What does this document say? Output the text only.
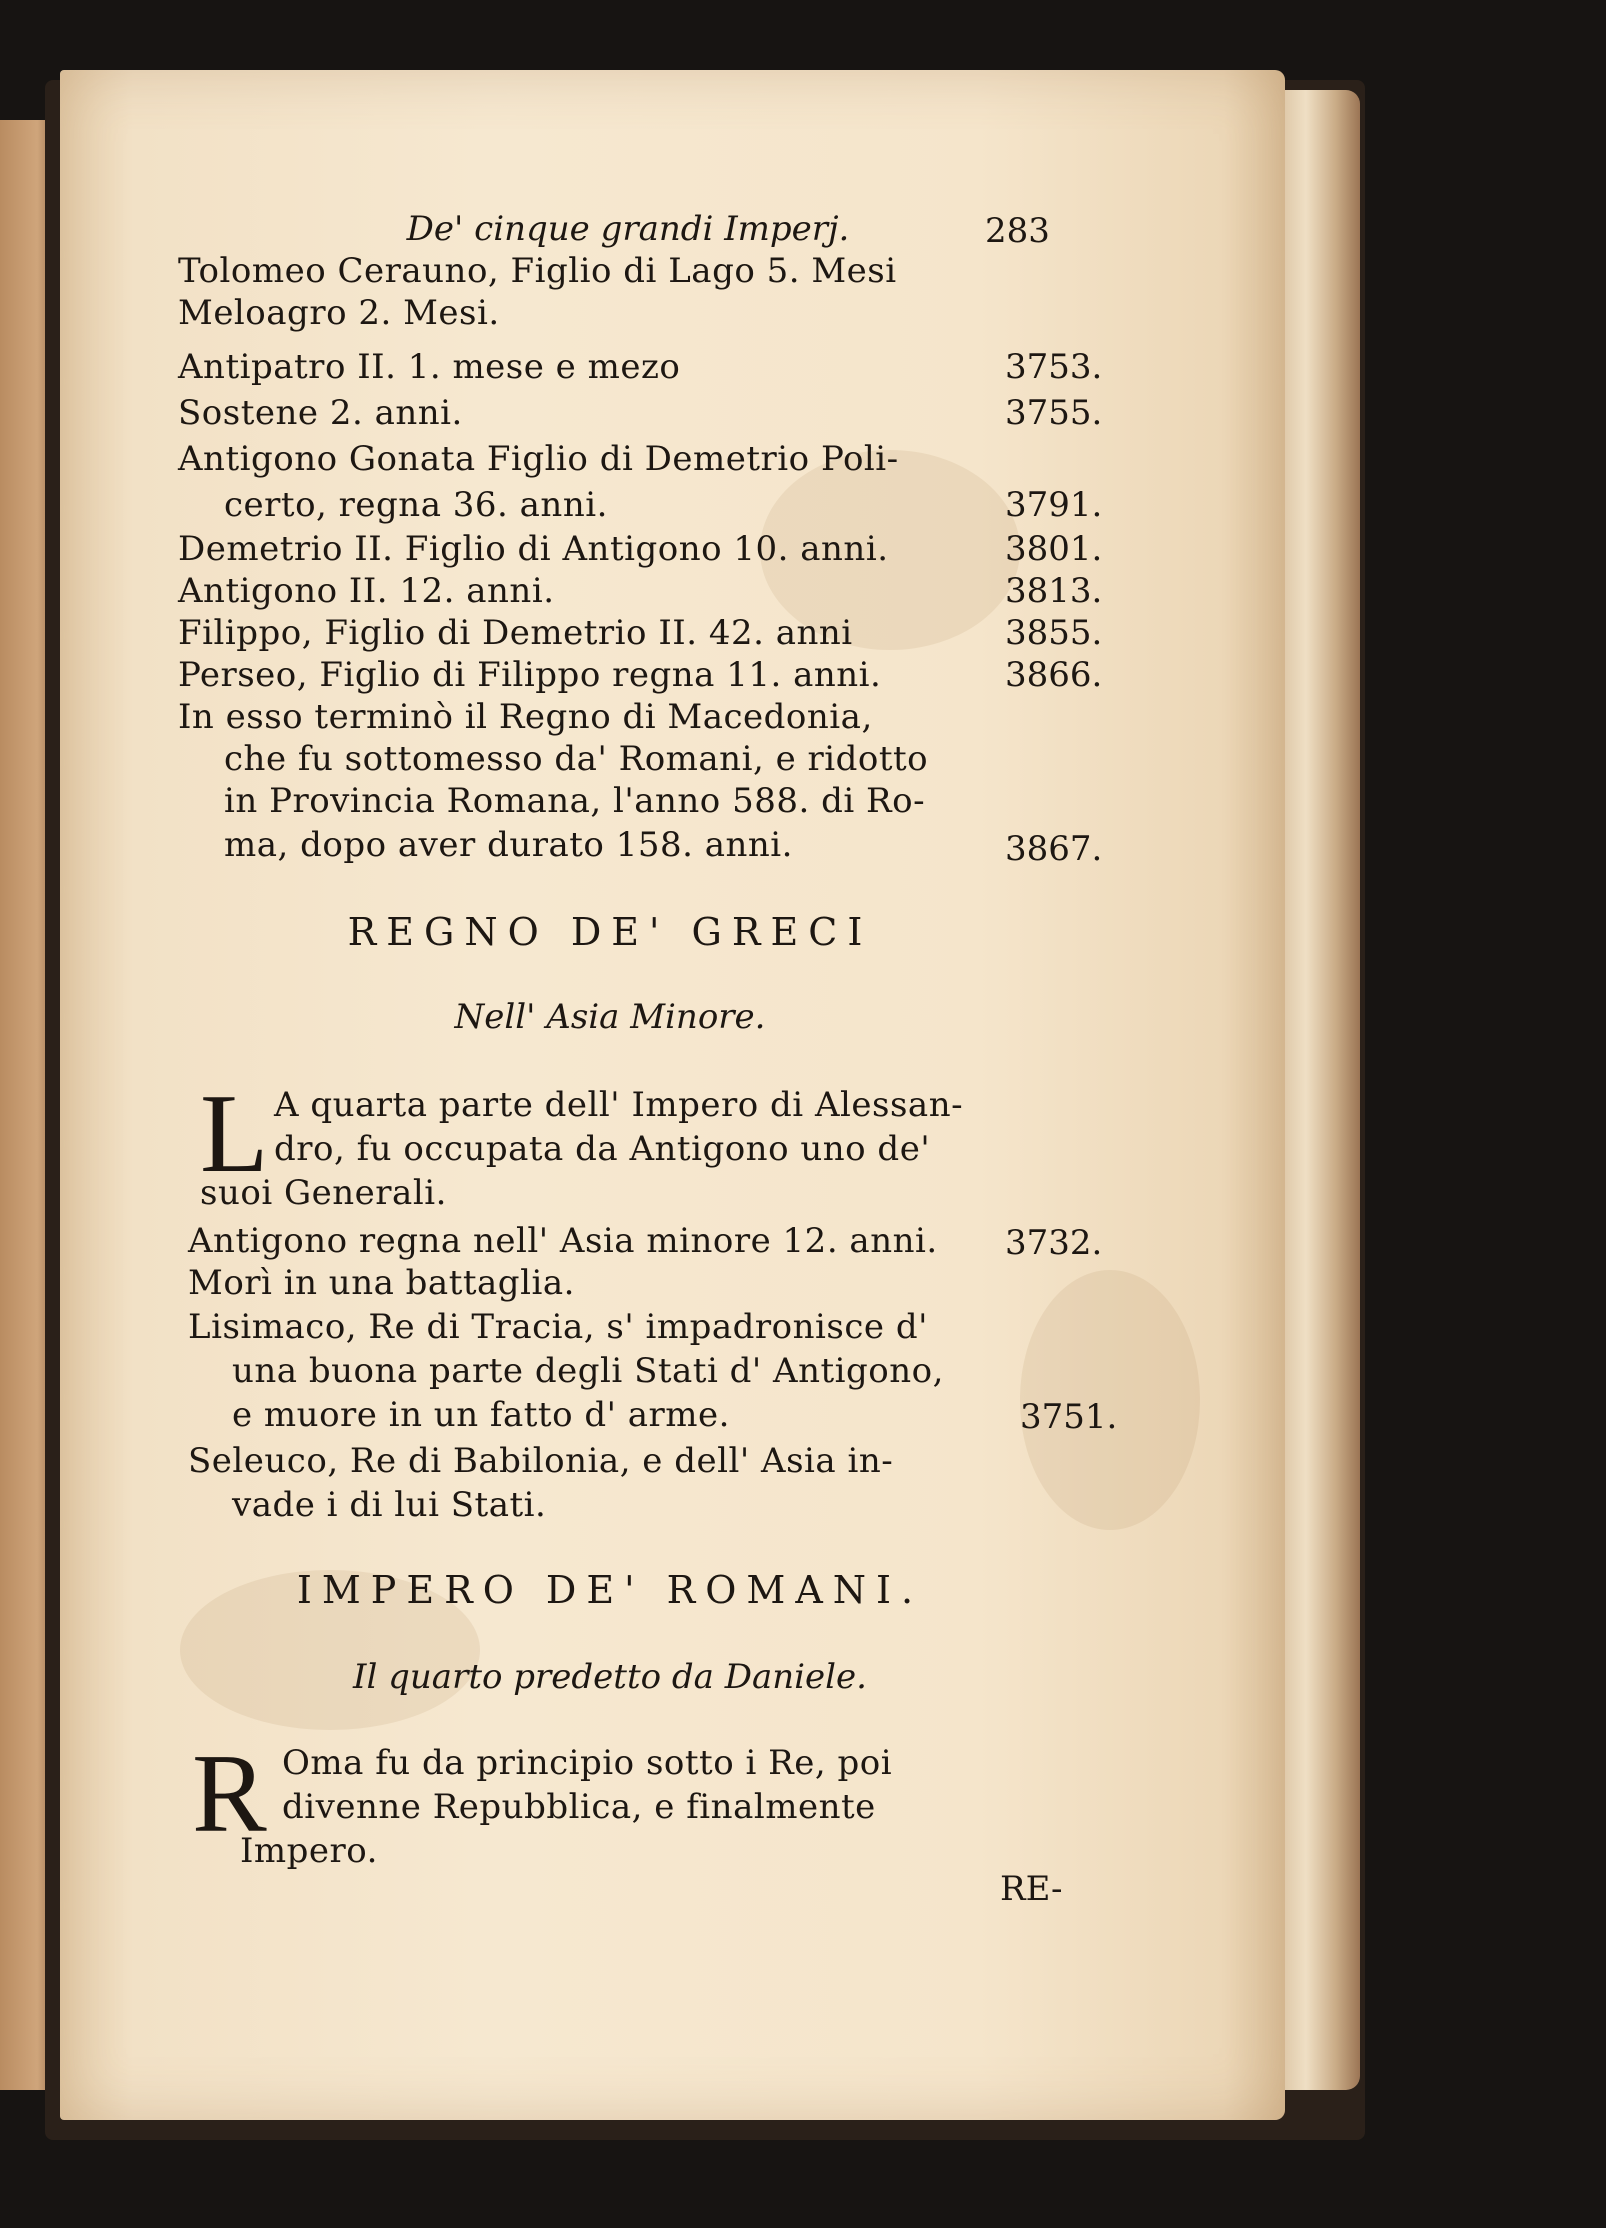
De' cinque grandi Imperj.	283
Tolomeo Cerauno, Figlio di Lago 5. Mesi
Meloagro 2. Mesi.
Antipatro II. 1. mese e mezo	3753.
Sostene 2. anni.	3755.
Antigono Gonata Figlio di Demetrio Poli-
certo, regna 36. anni.	3791.
Demetrio II. Figlio di Antigono 10. anni.	3801.
Antigono II. 12. anni.	3813.
Filippo, Figlio di Demetrio II. 42. anni	3855.
Perseo, Figlio di Filippo regna 11. anni.	3866.
In esso terminò il Regno di Macedonia,
che fu sottomesso da' Romani, e ridotto
in Provincia Romana, l'anno 588. di Ro-
ma, dopo aver durato 158. anni.	3867.
REGNO DE' GRECI
Nell' Asia Minore.
L A quarta parte dell' Impero di Alessan-
dro, fu occupata da Antigono uno de'
suoi Generali.
Antigono regna nell' Asia minore 12. anni.	3732.
Morì in una battaglia.
Lisimaco, Re di Tracia, s' impadronisce d'
una buona parte degli Stati d' Antigono,
e muore in un fatto d' arme.	3751.
Seleuco, Re di Babilonia, e dell' Asia in-
vade i di lui Stati.
IMPERO DE' ROMANI.
Il quarto predetto da Daniele.
R Oma fu da principio sotto i Re, poi
divenne Repubblica, e finalmente
Impero.
RE-
